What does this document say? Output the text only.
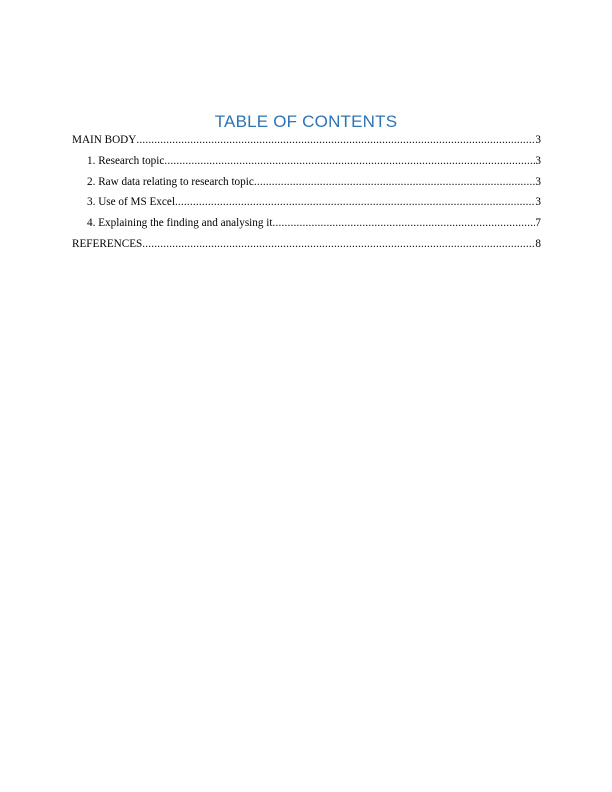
TABLE OF CONTENTS
MAIN BODY .....	3
1. Research topic .....	3
2. Raw data relating to research topic .....	3
3. Use of MS Excel .....	3
4. Explaining the finding and analysing it .....	7
REFERENCES .....	8
